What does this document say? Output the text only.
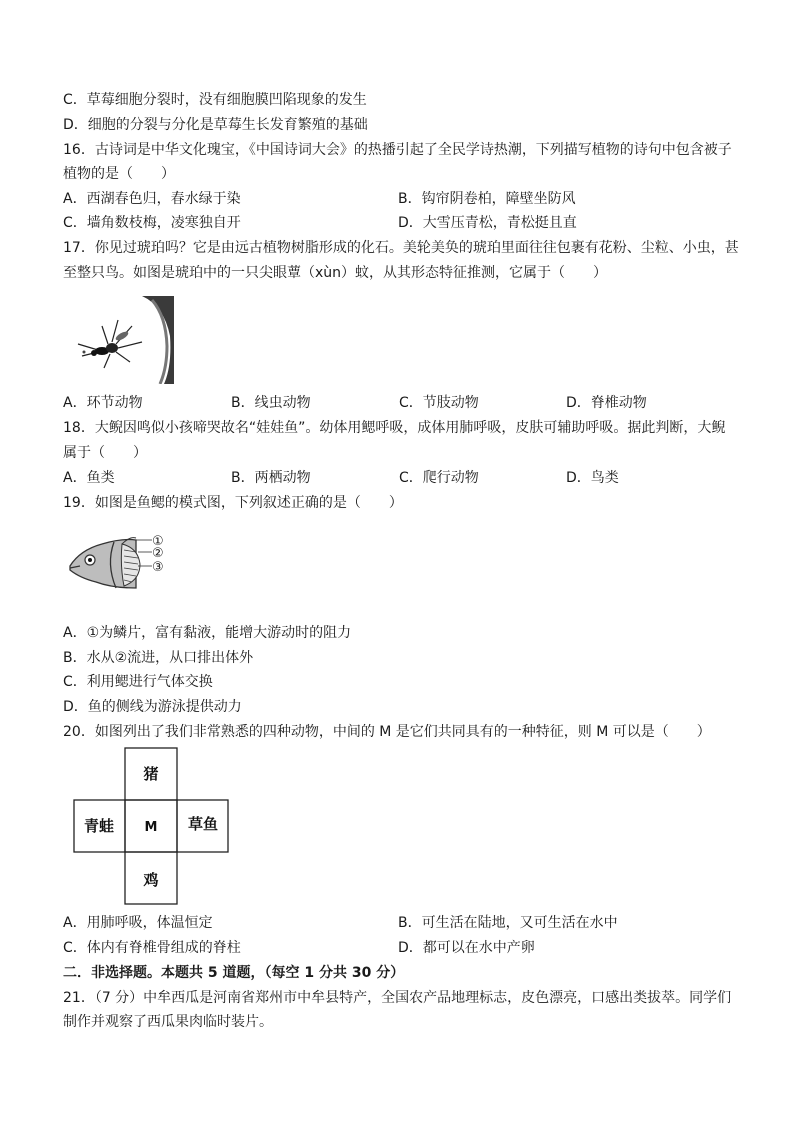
C．草莓细胞分裂时，没有细胞膜凹陷现象的发生
D．细胞的分裂与分化是草莓生长发育繁殖的基础
16．古诗词是中华文化瑰宝，《中国诗词大会》的热播引起了全民学诗热潮，下列描写植物的诗句中包含被子
植物的是（　　）
A．西湖春色归，春水绿于染	B．钩帘阴卷柏，障壁坐防风
C．墙角数枝梅，凌寒独自开	D．大雪压青松，青松挺且直
17．你见过琥珀吗？它是由远古植物树脂形成的化石。美轮美奂的琥珀里面往往包裹有花粉、尘粒、小虫，甚
至整只鸟。如图是琥珀中的一只尖眼蕈（xùn）蚊，从其形态特征推测，它属于（　　）
A．环节动物	B．线虫动物	C．节肢动物	D．脊椎动物
18．大鲵因鸣似小孩啼哭故名“娃娃鱼”。幼体用鳃呼吸，成体用肺呼吸，皮肤可辅助呼吸。据此判断，大鲵
属于（　　）
A．鱼类	B．两栖动物	C．爬行动物	D．鸟类
19．如图是鱼鳃的模式图，下列叙述正确的是（　　）
①
②
③
A．①为鳞片，富有黏液，能增大游动时的阻力
B．水从②流进，从口排出体外
C．利用鳃进行气体交换
D．鱼的侧线为游泳提供动力
20．如图列出了我们非常熟悉的四种动物，中间的 M 是它们共同具有的一种特征，则 M 可以是（　　）
猪
青蛙 M 草鱼
鸡
A．用肺呼吸，体温恒定	B．可生活在陆地，又可生活在水中
C．体内有脊椎骨组成的脊柱	D．都可以在水中产卵
二．非选择题。本题共 5 道题，（每空 1 分共 30 分）
21．（7 分）中牟西瓜是河南省郑州市中牟县特产，全国农产品地理标志，皮色漂亮，口感出类拔萃。同学们
制作并观察了西瓜果肉临时装片。
